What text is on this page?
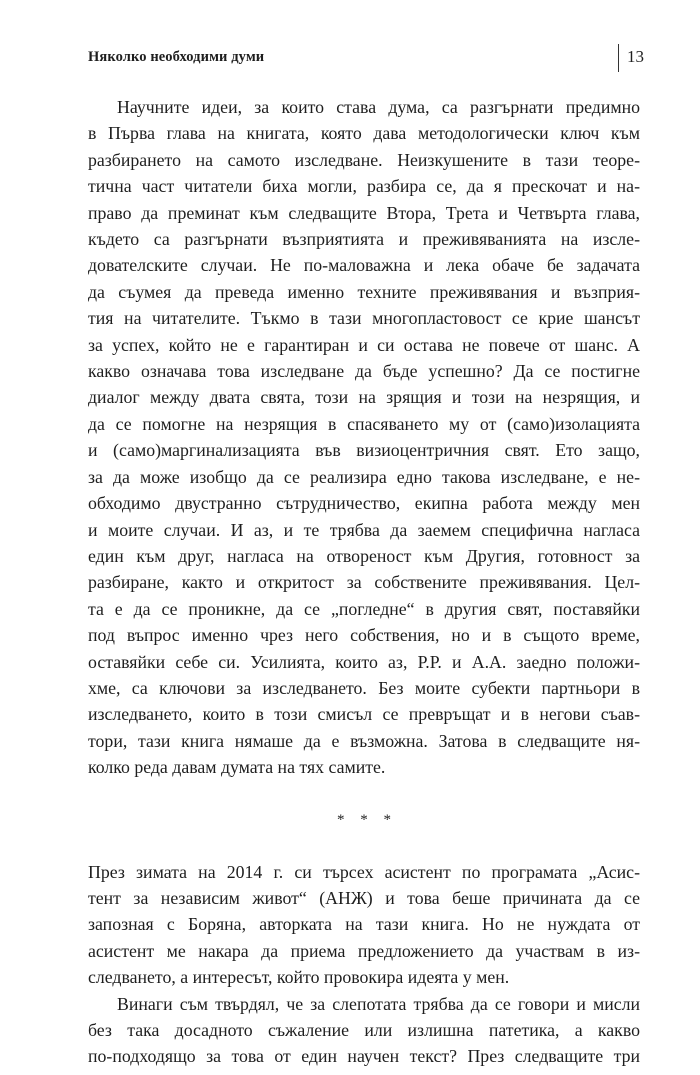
Няколко необходими думи	13
Научните идеи, за които става дума, са разгърнати предимно
в Първа глава на книгата, която дава методологически ключ към
разбирането на самото изследване. Неизкушените в тази теоре-
тична част читатели биха могли, разбира се, да я прескочат и на-
право да преминат към следващите Втора, Трета и Четвърта глава,
където са разгърнати възприятията и преживяванията на изсле-
дователските случаи. Не по-маловажна и лека обаче бе задачата
да съумея да преведа именно техните преживявания и възприя-
тия на читателите. Тъкмо в тази многопластовост се крие шансът
за успех, който не е гарантиран и си остава не повече от шанс. А
какво означава това изследване да бъде успешно? Да се постигне
диалог между двата свята, този на зрящия и този на незрящия, и
да се помогне на незрящия в спасяването му от (само)изолацията
и (само)маргинализацията във визиоцентричния свят. Ето защо,
за да може изобщо да се реализира едно такова изследване, е не-
обходимо двустранно сътрудничество, екипна работа между мен
и моите случаи. И аз, и те трябва да заемем специфична нагласа
един към друг, нагласа на отвореност към Другия, готовност за
разбиране, както и откритост за собствените преживявания. Цел-
та е да се проникне, да се „погледне“ в другия свят, поставяйки
под въпрос именно чрез него собствения, но и в същото време,
оставяйки себе си. Усилията, които аз, Р.Р. и А.А. заедно положи-
хме, са ключови за изследването. Без моите субекти партньори в
изследването, които в този смисъл се превръщат и в негови съав-
тори, тази книга нямаше да е възможна. Затова в следващите ня-
колко реда давам думата на тях самите.
* * *
През зимата на 2014 г. си търсех асистент по програмата „Асис-
тент за независим живот“ (АНЖ) и това беше причината да се
запозная с Боряна, авторката на тази книга. Но не нуждата от
асистент ме накара да приема предложението да участвам в из-
следването, а интересът, който провокира идеята у мен.
Винаги съм твърдял, че за слепотата трябва да се говори и мисли
без така досадното съжаление или излишна патетика, а какво
по-подходящо за това от един научен текст? През следващите три
